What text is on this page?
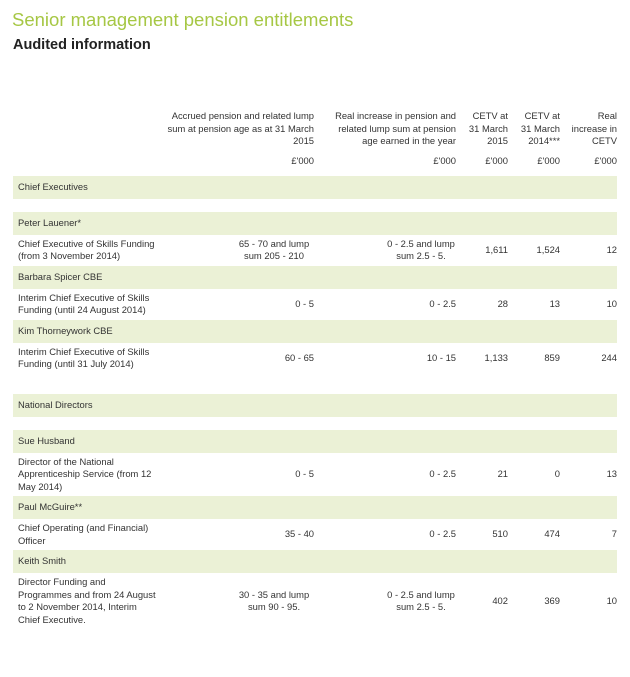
Senior management pension entitlements
Audited information
	Accrued pension and related lump sum at pension age as at 31 March 2015	Real increase in pension and related lump sum at pension age earned in the year	CETV at 31 March 2015	CETV at 31 March 2014***	Real increase in CETV
	£'000	£'000	£'000	£'000	£'000
Chief Executives					

Peter Lauener*					
Chief Executive of Skills Funding (from 3 November 2014)	65 - 70 and lump sum 205 - 210	0 - 2.5 and lump sum 2.5 - 5.	1,611	1,524	12
Barbara Spicer CBE					
Interim Chief Executive of Skills Funding (until 24 August 2014)	0 - 5	0 - 2.5	28	13	10
Kim Thorneywork CBE					
Interim Chief Executive of Skills Funding (until 31 July 2014)	60 - 65	10 - 15	1,133	859	244

National Directors					

Sue Husband					
Director of the National Apprenticeship Service (from 12 May 2014)	0 - 5	0 - 2.5	21	0	13
Paul McGuire**					
Chief Operating (and Financial) Officer	35 - 40	0 - 2.5	510	474	7
Keith Smith					
Director Funding and Programmes and from 24 August to 2 November 2014, Interim Chief Executive.	30 - 35 and lump sum 90 - 95.	0 - 2.5 and lump sum 2.5 - 5.	402	369	10
